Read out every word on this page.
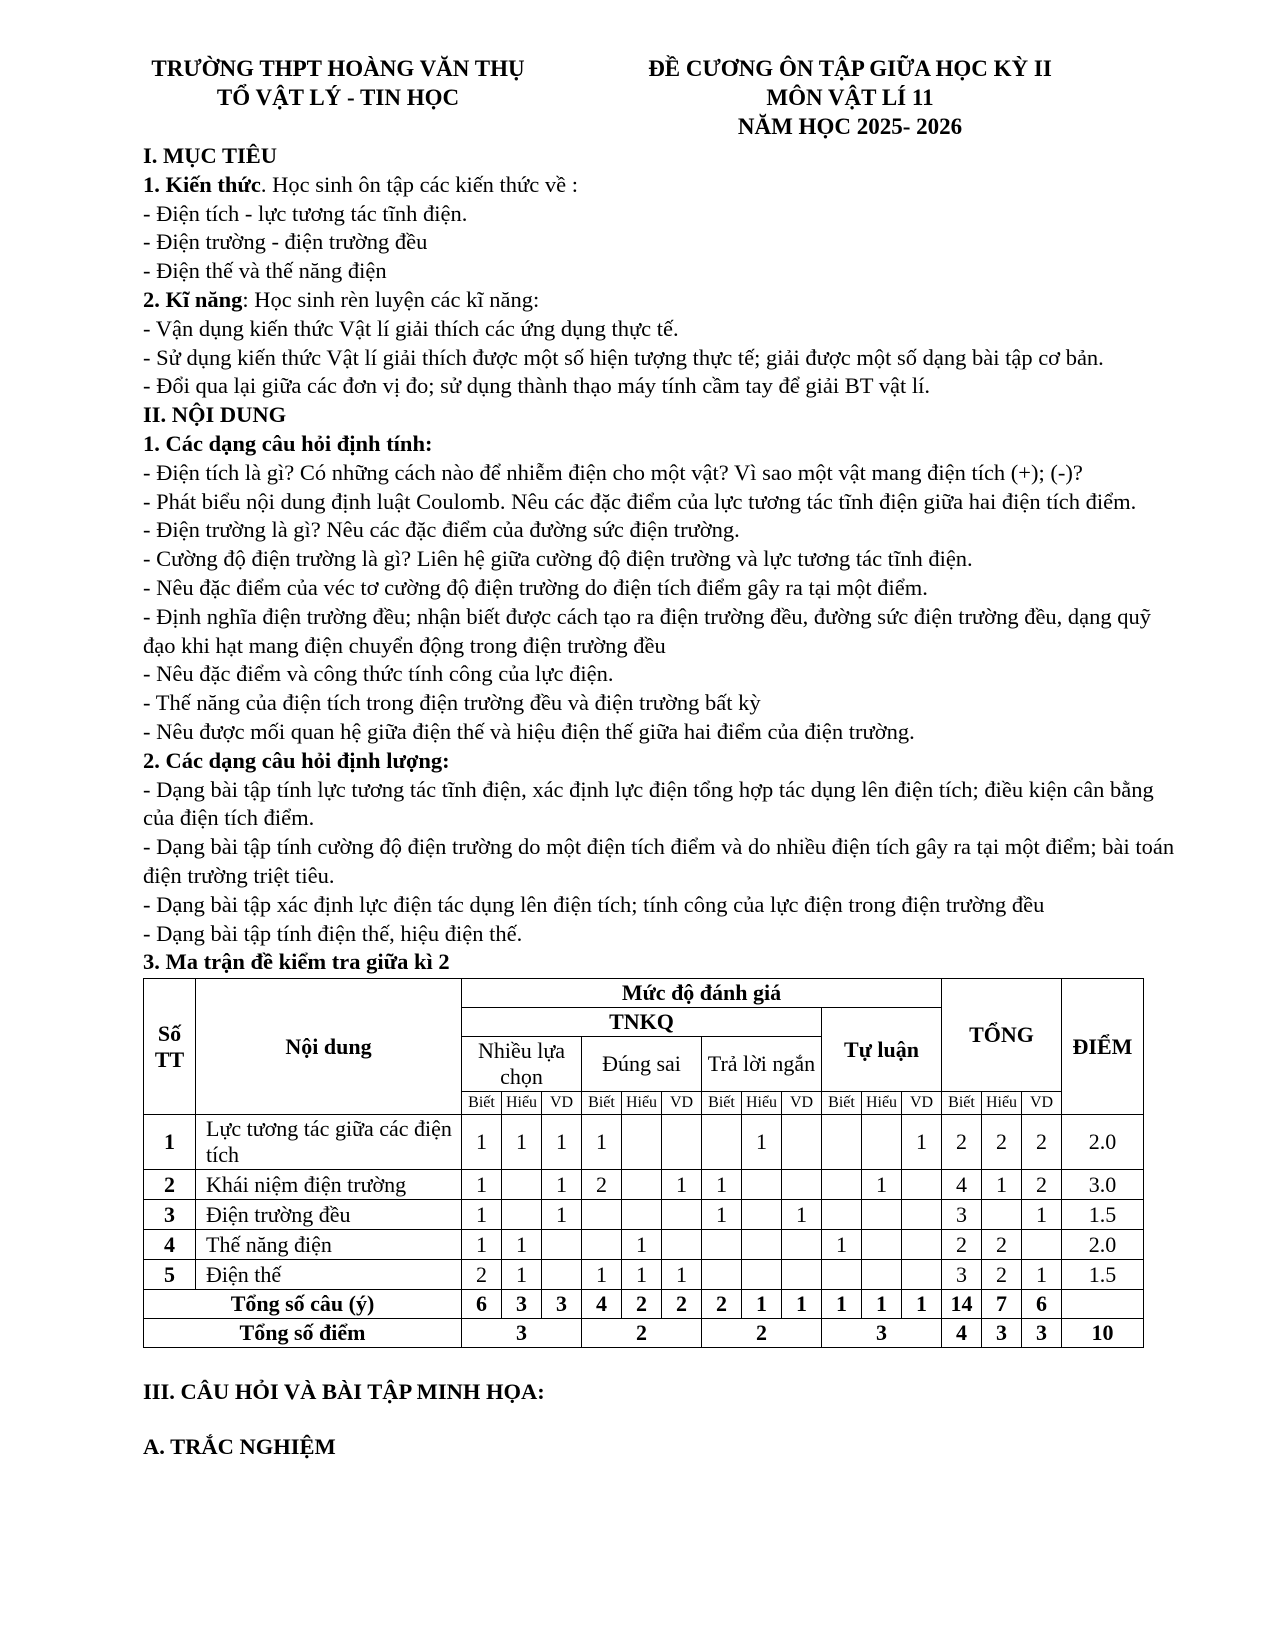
TRƯỜNG THPT HOÀNG VĂN THỤ
TỔ VẬT LÝ - TIN HỌC
ĐỀ CƯƠNG ÔN TẬP GIỮA HỌC KỲ II
MÔN VẬT LÍ 11
NĂM HỌC 2025- 2026

I. MỤC TIÊU

1. Kiến thức. Học sinh ôn tập các kiến thức về :

- Điện tích - lực tương tác tĩnh điện.

- Điện trường - điện trường đều

- Điện thế và thế năng điện

2. Kĩ năng: Học sinh rèn luyện các kĩ năng:

- Vận dụng kiến thức Vật lí giải thích các ứng dụng thực tế.

- Sử dụng kiến thức Vật lí giải thích được một số hiện tượng thực tế; giải được một số dạng bài tập cơ bản.

- Đổi qua lại giữa các đơn vị đo; sử dụng thành thạo máy tính cầm tay để giải BT vật lí.

II. NỘI DUNG

1. Các dạng câu hỏi định tính:

- Điện tích là gì? Có những cách nào để nhiễm điện cho một vật? Vì sao một vật mang điện tích (+); (-)?

- Phát biểu nội dung định luật Coulomb. Nêu các đặc điểm của lực tương tác tĩnh điện giữa hai điện tích điểm.

- Điện trường là gì? Nêu các đặc điểm của đường sức điện trường.

- Cường độ điện trường là gì? Liên hệ giữa cường độ điện trường và lực tương tác tĩnh điện.

- Nêu đặc điểm của véc tơ cường độ điện trường do điện tích điểm gây ra tại một điểm.

- Định nghĩa điện trường đều; nhận biết được cách tạo ra điện trường đều, đường sức điện trường đều, dạng quỹ đạo khi hạt mang điện chuyển động trong điện trường đều

- Nêu đặc điểm và công thức tính công của lực điện.

- Thế năng của điện tích trong điện trường đều và điện trường bất kỳ

- Nêu được mối quan hệ giữa điện thế và hiệu điện thế giữa hai điểm của điện trường.

2. Các dạng câu hỏi định lượng:

- Dạng bài tập tính lực tương tác tĩnh điện, xác định lực điện tổng hợp tác dụng lên điện tích; điều kiện cân bằng của điện tích điểm.

- Dạng bài tập tính cường độ điện trường do một điện tích điểm và do nhiều điện tích gây ra tại một điểm; bài toán điện trường triệt tiêu.

- Dạng bài tập xác định lực điện tác dụng lên điện tích; tính công của lực điện trong điện trường đều

- Dạng bài tập tính điện thế, hiệu điện thế.

3. Ma trận đề kiểm tra giữa kì 2

Số TT	Nội dung	Mức độ đánh giá												TỔNG			ĐIỂM
		TNKQ									Tự luận						
		Nhiều lựa chọn			Đúng sai			Trả lời ngắn									
		Biết	Hiểu	VD	Biết	Hiểu	VD	Biết	Hiểu	VD	Biết	Hiểu	VD	Biết	Hiểu	VD	
1	Lực tương tác giữa các điện tích	1	1	1	1				1				1	2	2	2	2.0
2	Khái niệm điện trường	1		1	2		1	1				1		4	1	2	3.0
3	Điện trường đều	1		1				1		1				3		1	1.5
4	Thế năng điện	1	1			1					1			2	2		2.0
5	Điện thế	2	1		1	1	1							3	2	1	1.5
Tổng số câu (ý)		6	3	3	4	2	2	2	1	1	1	1	1	14	7	6	
Tổng số điểm		3			2			2			3			4	3	3	10

III. CÂU HỎI VÀ BÀI TẬP MINH HỌA:

A. TRẮC NGHIỆM
